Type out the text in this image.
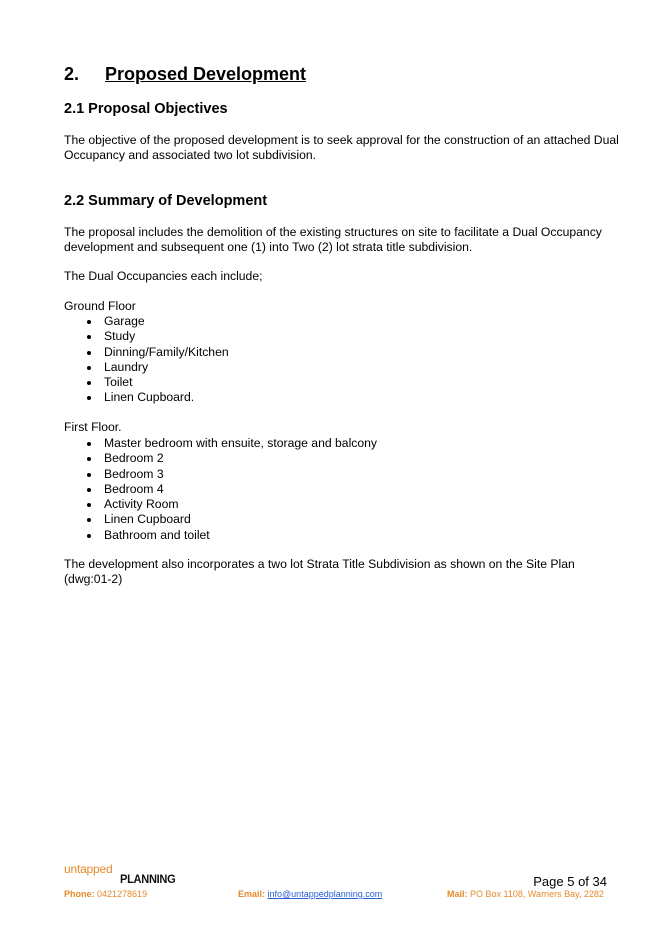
2. Proposed Development
2.1 Proposal Objectives
The objective of the proposed development is to seek approval for the construction of an attached Dual Occupancy and associated two lot subdivision.
2.2 Summary of Development
The proposal includes the demolition of the existing structures on site to facilitate a Dual Occupancy development and subsequent one (1) into Two (2) lot strata title subdivision.
The Dual Occupancies each include;
Ground Floor
Garage
Study
Dinning/Family/Kitchen
Laundry
Toilet
Linen Cupboard.
First Floor.
Master bedroom with ensuite, storage and balcony
Bedroom 2
Bedroom 3
Bedroom 4
Activity Room
Linen Cupboard
Bathroom and toilet
The development also incorporates a two lot Strata Title Subdivision as shown on the Site Plan (dwg:01-2)
untapped
PLANNING	Page 5 of 34
Phone: 0421278619	Email: info@untappedplanning.com	Mail: PO Box 1108, Warners Bay, 2282
